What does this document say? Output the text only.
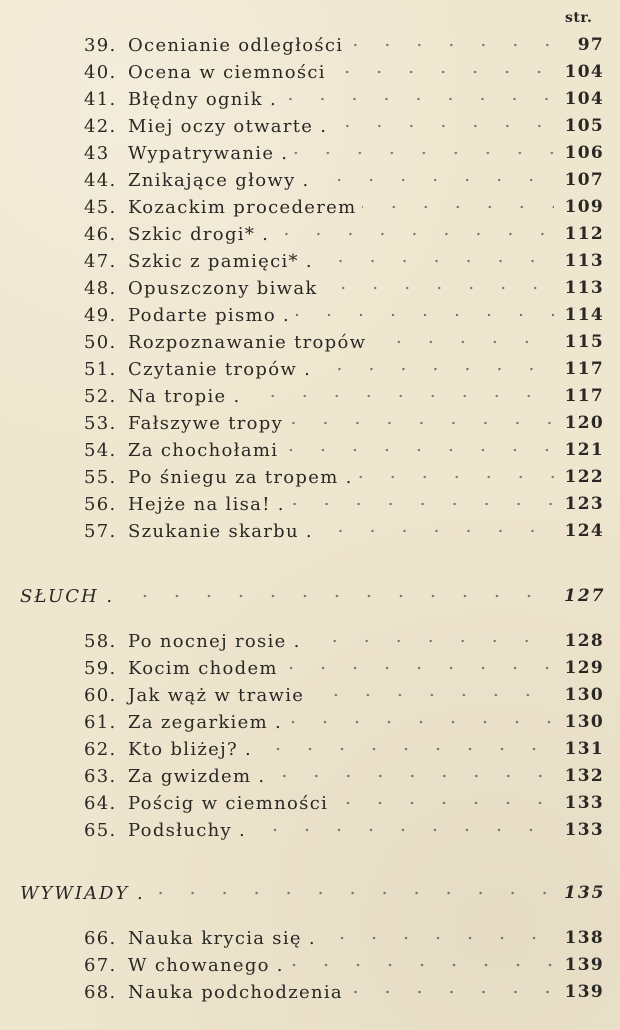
str.
39. Ocenianie odległości	97
40. Ocena w ciemności	104
41. Błędny ognik .	104
42. Miej oczy otwarte .	105
43	Wypatrywanie .	106
44. Znikające głowy .	107
45. Kozackim procederem	109
46. Szkic drogi* .	112
47. Szkic z pamięci* .	113
48. Opuszczony biwak	113
49. Podarte pismo .	114
50. Rozpoznawanie tropów	115
51. Czytanie tropów .	117
52. Na tropie .	117
53. Fałszywe tropy	120
54. Za chochołami	121
55. Po śniegu za tropem .	122
56. Hejże na lisa! .	123
57. Szukanie skarbu .	124
SŁUCH .	127
58. Po nocnej rosie .	128
59. Kocim chodem	129
60. Jak wąż w trawie	130
61. Za zegarkiem .	130
62. Kto bliżej? .	131
63. Za gwizdem .	132
64. Pościg w ciemności	133
65. Podsłuchy .	133
WYWIADY .	135
66. Nauka krycia się .	138
67. W chowanego .	139
68. Nauka podchodzenia	139
